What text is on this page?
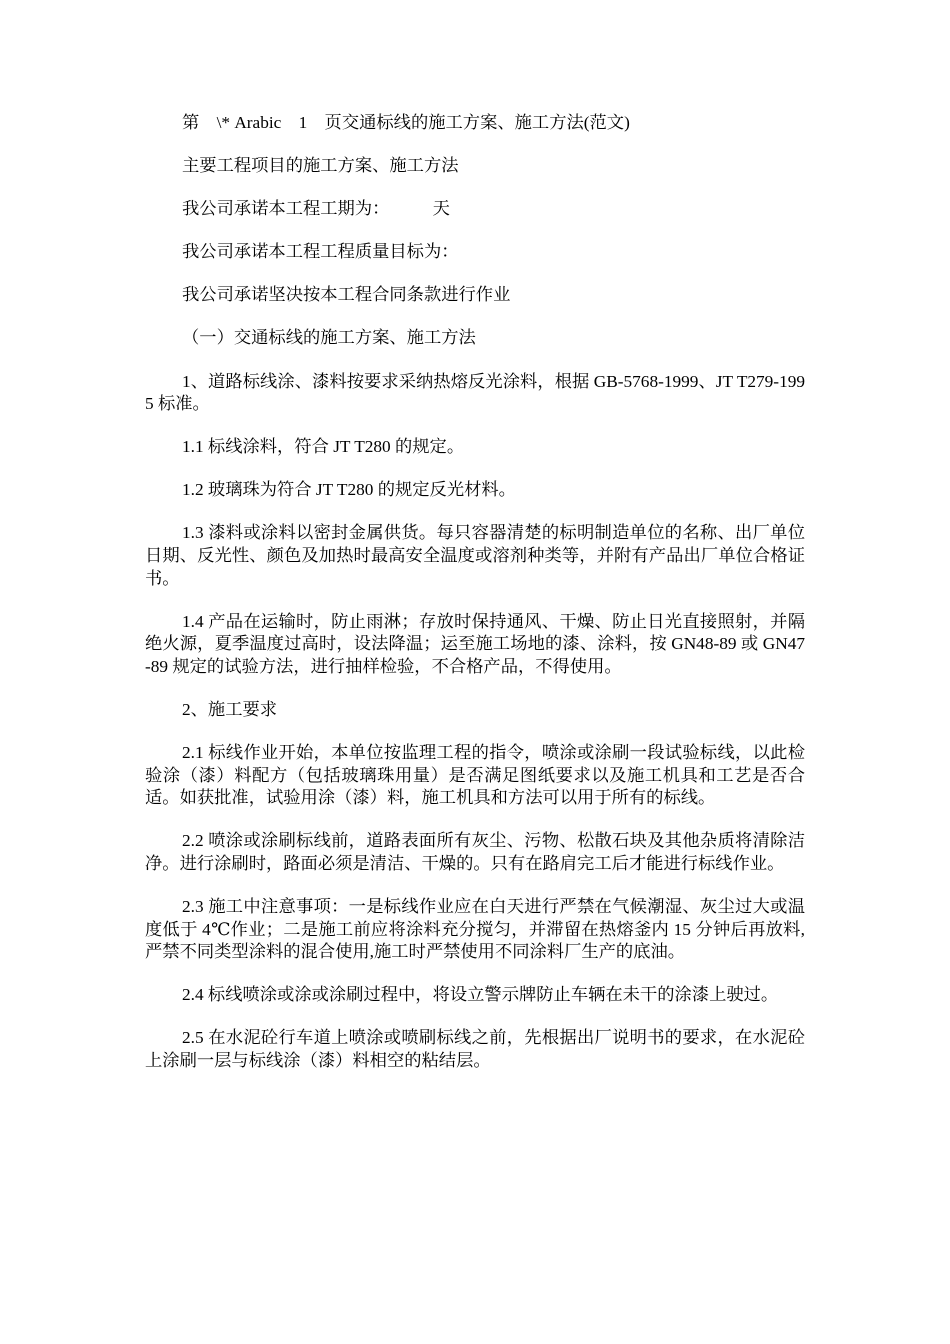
第　\* Arabic　1　页交通标线的施工方案、施工方法(范文)

主要工程项目的施工方案、施工方法

我公司承诺本工程工期为：　　　天

我公司承诺本工程工程质量目标为：

我公司承诺坚决按本工程合同条款进行作业

（一）交通标线的施工方案、施工方法

1、道路标线涂、漆料按要求采纳热熔反光涂料，根据 GB-5768-1999、JT T279-1995 标准。

1.1 标线涂料，符合 JT T280 的规定。

1.2 玻璃珠为符合 JT T280 的规定反光材料。

1.3 漆料或涂料以密封金属供货。每只容器清楚的标明制造单位的名称、出厂单位日期、反光性、颜色及加热时最高安全温度或溶剂种类等，并附有产品出厂单位合格证书。

1.4 产品在运输时，防止雨淋；存放时保持通风、干燥、防止日光直接照射，并隔绝火源，夏季温度过高时，设法降温；运至施工场地的漆、涂料，按 GN48-89 或 GN47-89 规定的试验方法，进行抽样检验，不合格产品，不得使用。

2、施工要求

2.1 标线作业开始，本单位按监理工程的指令，喷涂或涂刷一段试验标线，以此检验涂（漆）料配方（包括玻璃珠用量）是否满足图纸要求以及施工机具和工艺是否合适。如获批准，试验用涂（漆）料，施工机具和方法可以用于所有的标线。

2.2 喷涂或涂刷标线前，道路表面所有灰尘、污物、松散石块及其他杂质将清除洁净。进行涂刷时，路面必须是清洁、干燥的。只有在路肩完工后才能进行标线作业。

2.3 施工中注意事项：一是标线作业应在白天进行严禁在气候潮湿、灰尘过大或温度低于 4℃作业；二是施工前应将涂料充分搅匀，并滞留在热熔釜内 15 分钟后再放料,严禁不同类型涂料的混合使用,施工时严禁使用不同涂料厂生产的底油。

2.4 标线喷涂或涂或涂刷过程中，将设立警示牌防止车辆在未干的涂漆上驶过。

2.5 在水泥砼行车道上喷涂或喷刷标线之前，先根据出厂说明书的要求，在水泥砼上涂刷一层与标线涂（漆）料相空的粘结层。
